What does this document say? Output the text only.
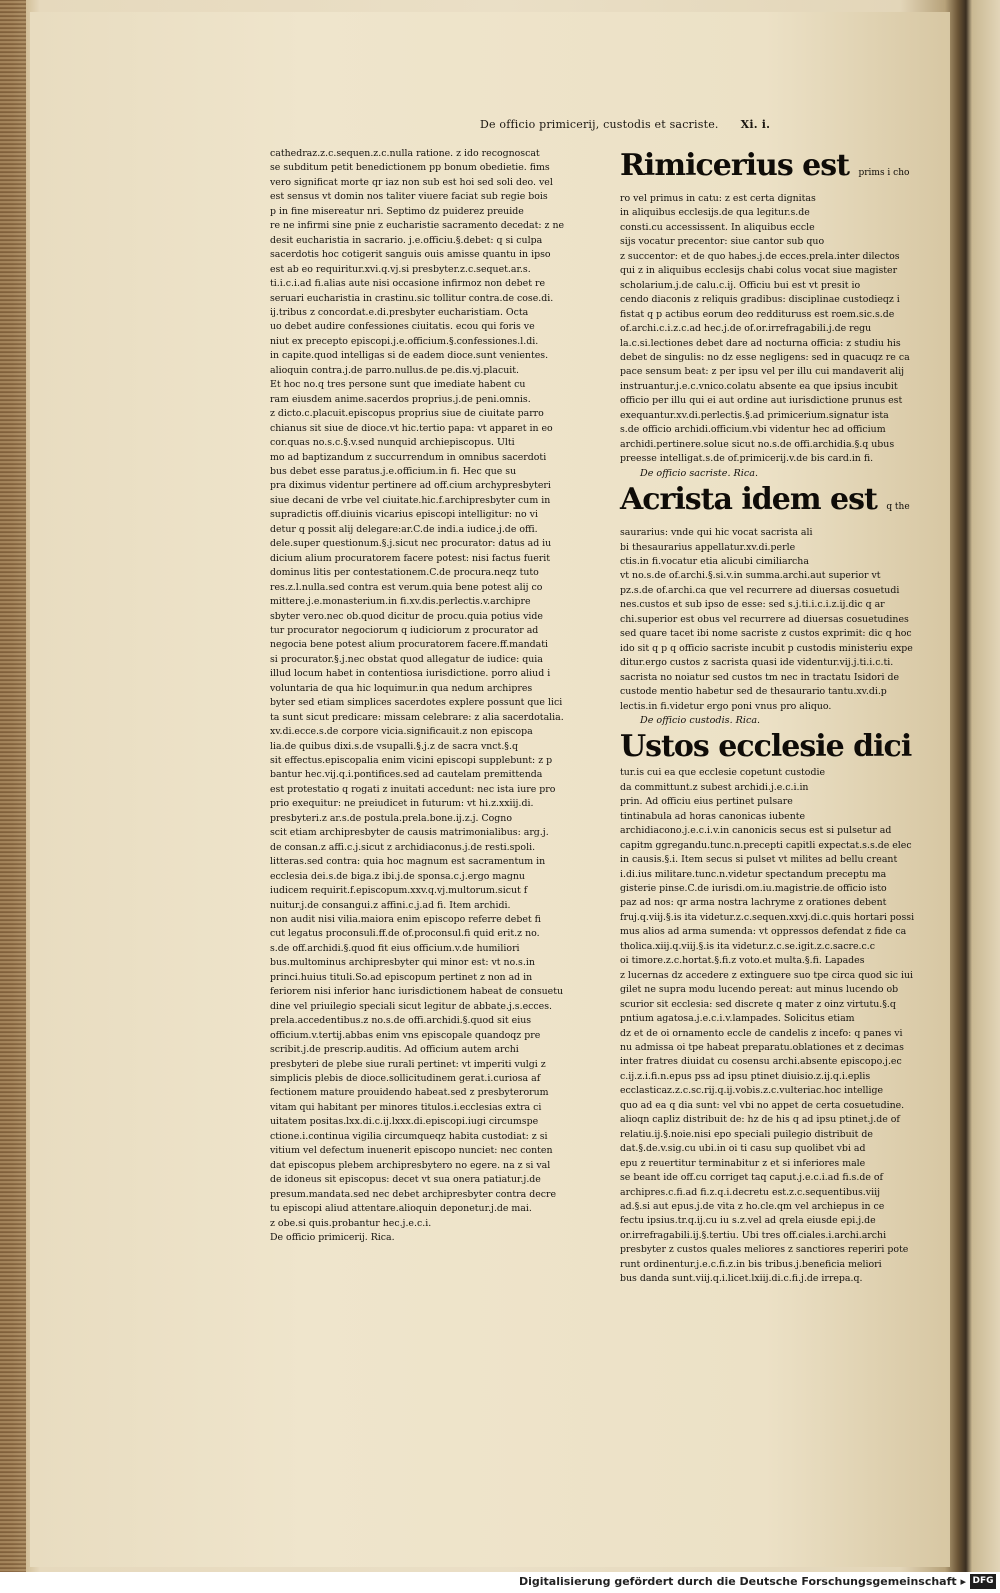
De officio primicerij, custodis et sacriste. Xi. i.

cathedraz.z.c.sequen.z.c.nulla ratione. z ido recognoscat

se subditum petit benedictionem pp bonum obedietie. fims

vero significat morte qr iaz non sub est hoi sed soli deo. vel

est sensus vt domin nos taliter viuere faciat sub regie bois

p in fine misereatur nri. Septimo dz puiderez preuide

re ne infirmi sine pnie z eucharistie sacramento decedat: z ne

desit eucharistia in sacrario. j.e.officiu.§.debet: q si culpa

sacerdotis hoc cotigerit sanguis ouis amisse quantu in ipso

est ab eo requiritur.xvi.q.vj.si presbyter.z.c.sequet.ar.s.

ti.i.c.i.ad fi.alias aute nisi occasione infirmoz non debet re

seruari eucharistia in crastinu.sic tollitur contra.de cose.di.

ij.tribus z concordat.e.di.presbyter eucharistiam. Octa

uo debet audire confessiones ciuitatis. ecou qui foris ve

niut ex precepto episcopi.j.e.officium.§.confessiones.l.di.

in capite.quod intelligas si de eadem dioce.sunt venientes.

alioquin contra.j.de parro.nullus.de pe.dis.vj.placuit.

Et hoc no.q tres persone sunt que imediate habent cu

ram eiusdem anime.sacerdos proprius.j.de peni.omnis.

z dicto.c.placuit.episcopus proprius siue de ciuitate parro

chianus sit siue de dioce.vt hic.tertio papa: vt apparet in eo

cor.quas no.s.c.§.v.sed nunquid archiepiscopus. Ulti

mo ad baptizandum z succurrendum in omnibus sacerdoti

bus debet esse paratus.j.e.officium.in fi. Hec que su

pra diximus videntur pertinere ad off.cium archypresbyteri

siue decani de vrbe vel ciuitate.hic.f.archipresbyter cum in

supradictis off.diuinis vicarius episcopi intelligitur: no vi

detur q possit alij delegare:ar.C.de indi.a iudice.j.de offi.

dele.super questionum.§.j.sicut nec procurator: datus ad iu

dicium alium procuratorem facere potest: nisi factus fuerit

dominus litis per contestationem.C.de procura.neqz tuto

res.z.l.nulla.sed contra est verum.quia bene potest alij co

mittere.j.e.monasterium.in fi.xv.dis.perlectis.v.archipre

sbyter vero.nec ob.quod dicitur de procu.quia potius vide

tur procurator negociorum q iudiciorum z procurator ad

negocia bene potest alium procuratorem facere.ff.mandati

si procurator.§.j.nec obstat quod allegatur de iudice: quia

illud locum habet in contentiosa iurisdictione. porro aliud i

voluntaria de qua hic loquimur.in qua nedum archipres

byter sed etiam simplices sacerdotes explere possunt que lici

ta sunt sicut predicare: missam celebrare: z alia sacerdotalia.

xv.di.ecce.s.de corpore vicia.significauit.z non episcopa

lia.de quibus dixi.s.de vsupalli.§.j.z de sacra vnct.§.q

sit effectus.episcopalia enim vicini episcopi supplebunt: z p

bantur hec.vij.q.i.pontifices.sed ad cautelam premittenda

est protestatio q rogati z inuitati accedunt: nec ista iure pro

prio exequitur: ne preiudicet in futurum: vt hi.z.xxiij.di.

presbyteri.z ar.s.de postula.prela.bone.ij.z.j. Cogno

scit etiam archipresbyter de causis matrimonialibus: arg.j.

de consan.z affi.c.j.sicut z archidiaconus.j.de resti.spoli.

litteras.sed contra: quia hoc magnum est sacramentum in

ecclesia dei.s.de biga.z ibi.j.de sponsa.c.j.ergo magnu

iudicem requirit.f.episcopum.xxv.q.vj.multorum.sicut f

nuitur.j.de consangui.z affini.c.j.ad fi. Item archidi.

non audit nisi vilia.maiora enim episcopo referre debet fi

cut legatus proconsuli.ff.de of.proconsul.fi quid erit.z no.

s.de off.archidi.§.quod fit eius officium.v.de humiliori

bus.multominus archipresbyter qui minor est: vt no.s.in

princi.huius tituli.So.ad episcopum pertinet z non ad in

feriorem nisi inferior hanc iurisdictionem habeat de consuetu

dine vel priuilegio speciali sicut legitur de abbate.j.s.ecces.

prela.accedentibus.z no.s.de offi.archidi.§.quod sit eius

officium.v.tertij.abbas enim vns episcopale quandoqz pre

scribit.j.de prescrip.auditis. Ad officium autem archi

presbyteri de plebe siue rurali pertinet: vt imperiti vulgi z

simplicis plebis de dioce.sollicitudinem gerat.i.curiosa af

fectionem mature prouidendo habeat.sed z presbyterorum

vitam qui habitant per minores titulos.i.ecclesias extra ci

uitatem positas.lxx.di.c.ij.lxxx.di.episcopi.iugi circumspe

ctione.i.continua vigilia circumqueqz habita custodiat: z si

vitium vel defectum inuenerit episcopo nunciet: nec conten

dat episcopus plebem archipresbytero no egere. na z si val

de idoneus sit episcopus: decet vt sua onera patiatur.j.de

presum.mandata.sed nec debet archipresbyter contra decre

tu episcopi aliud attentare.alioquin deponetur.j.de mai.

z obe.si quis.probantur hec.j.e.c.i.

De officio primicerij. Rica.

Rimicerius est prims i cho

ro vel primus in catu: z est certa dignitas

in aliquibus ecclesijs.de qua legitur.s.de

consti.cu accessissent. In aliquibus eccle

sijs vocatur precentor: siue cantor sub quo

z succentor: et de quo habes.j.de ecces.prela.inter dilectos

qui z in aliquibus ecclesijs chabi colus vocat siue magister

scholarium.j.de calu.c.ij. Officiu bui est vt presit io

cendo diaconis z reliquis gradibus: disciplinae custodieqz i

fistat q p actibus eorum deo reddituruss est roem.sic.s.de

of.archi.c.i.z.c.ad hec.j.de of.or.irrefragabili.j.de regu

la.c.si.lectiones debet dare ad nocturna officia: z studiu his

debet de singulis: no dz esse negligens: sed in quacuqz re ca

pace sensum beat: z per ipsu vel per illu cui mandaverit alij

instruantur.j.e.c.vnico.colatu absente ea que ipsius incubit

officio per illu qui ei aut ordine aut iurisdictione prunus est

exequantur.xv.di.perlectis.§.ad primicerium.signatur ista

s.de officio archidi.officium.vbi videntur hec ad officium

archidi.pertinere.solue sicut no.s.de offi.archidia.§.q ubus

preesse intelligat.s.de of.primicerij.v.de bis card.in fi.

De officio sacriste. Rica.

Acrista idem est q the

saurarius: vnde qui hic vocat sacrista ali

bi thesaurarius appellatur.xv.di.perle

ctis.in fi.vocatur etia alicubi cimiliarcha

vt no.s.de of.archi.§.si.v.in summa.archi.aut superior vt

pz.s.de of.archi.ca que vel recurrere ad diuersas cosuetudi

nes.custos et sub ipso de esse: sed s.j.ti.i.c.i.z.ij.dic q ar

chi.superior est obus vel recurrere ad diuersas cosuetudines

sed quare tacet ibi nome sacriste z custos exprimit: dic q hoc

ido sit q p q officio sacriste incubit p custodis ministeriu expe

ditur.ergo custos z sacrista quasi ide videntur.vij.j.ti.i.c.ti.

sacrista no noiatur sed custos tm nec in tractatu Isidori de

custode mentio habetur sed de thesaurario tantu.xv.di.p

lectis.in fi.videtur ergo poni vnus pro aliquo.

De officio custodis. Rica.

Ustos ecclesie dici

tur.is cui ea que ecclesie copetunt custodie

da committunt.z subest archidi.j.e.c.i.in

prin. Ad officiu eius pertinet pulsare

tintinabula ad horas canonicas iubente

archidiacono.j.e.c.i.v.in canonicis secus est si pulsetur ad

capitm ggregandu.tunc.n.precepti capitli expectat.s.s.de elec

in causis.§.i. Item secus si pulset vt milites ad bellu creant

i.di.ius militare.tunc.n.videtur spectandum preceptu ma

gisterie pinse.C.de iurisdi.om.iu.magistrie.de officio isto

paz ad nos: qr arma nostra lachryme z orationes debent

fruj.q.viij.§.is ita videtur.z.c.sequen.xxvj.di.c.quis hortari possi

mus alios ad arma sumenda: vt oppressos defendat z fide ca

tholica.xiij.q.viij.§.is ita videtur.z.c.se.igit.z.c.sacre.c.c

oi timore.z.c.hortat.§.fi.z voto.et multa.§.fi. Lapades

z lucernas dz accedere z extinguere suo tpe circa quod sic iui

gilet ne supra modu lucendo pereat: aut minus lucendo ob

scurior sit ecclesia: sed discrete q mater z oinz virtutu.§.q

pntium agatosa.j.e.c.i.v.lampades. Solicitus etiam

dz et de oi ornamento eccle de candelis z incefo: q panes vi

nu admissa oi tpe habeat preparatu.oblationes et z decimas

inter fratres diuidat cu cosensu archi.absente episcopo.j.ec

c.ij.z.i.fi.n.epus pss ad ipsu ptinet diuisio.z.ij.q.i.eplis

ecclasticaz.z.c.sc.rij.q.ij.vobis.z.c.vulteriac.hoc intellige

quo ad ea q dia sunt: vel vbi no appet de certa cosuetudine.

alioqn capliz distribuit de: hz de his q ad ipsu ptinet.j.de of

relatiu.ij.§.noie.nisi epo speciali puilegio distribuit de

dat.§.de.v.sig.cu ubi.in oi ti casu sup quolibet vbi ad

epu z reuertitur terminabitur z et si inferiores male

se beant ide off.cu corriget taq caput.j.e.c.i.ad fi.s.de of

archipres.c.fi.ad fi.z.q.i.decretu est.z.c.sequentibus.viij

ad.§.si aut epus.j.de vita z ho.cle.qm vel archiepus in ce

fectu ipsius.tr.q.ij.cu iu s.z.vel ad qrela eiusde epi.j.de

or.irrefragabili.ij.§.tertiu. Ubi tres off.ciales.i.archi.archi

presbyter z custos quales meliores z sanctiores reperiri pote

runt ordinentur.j.e.c.fi.z.in bis tribus.j.beneficia meliori

bus danda sunt.viij.q.i.licet.lxiij.di.c.fi.j.de irrepa.q.

Digitalisierung gefördert durch die Deutsche Forschungsgemeinschaft ▸ DFG
